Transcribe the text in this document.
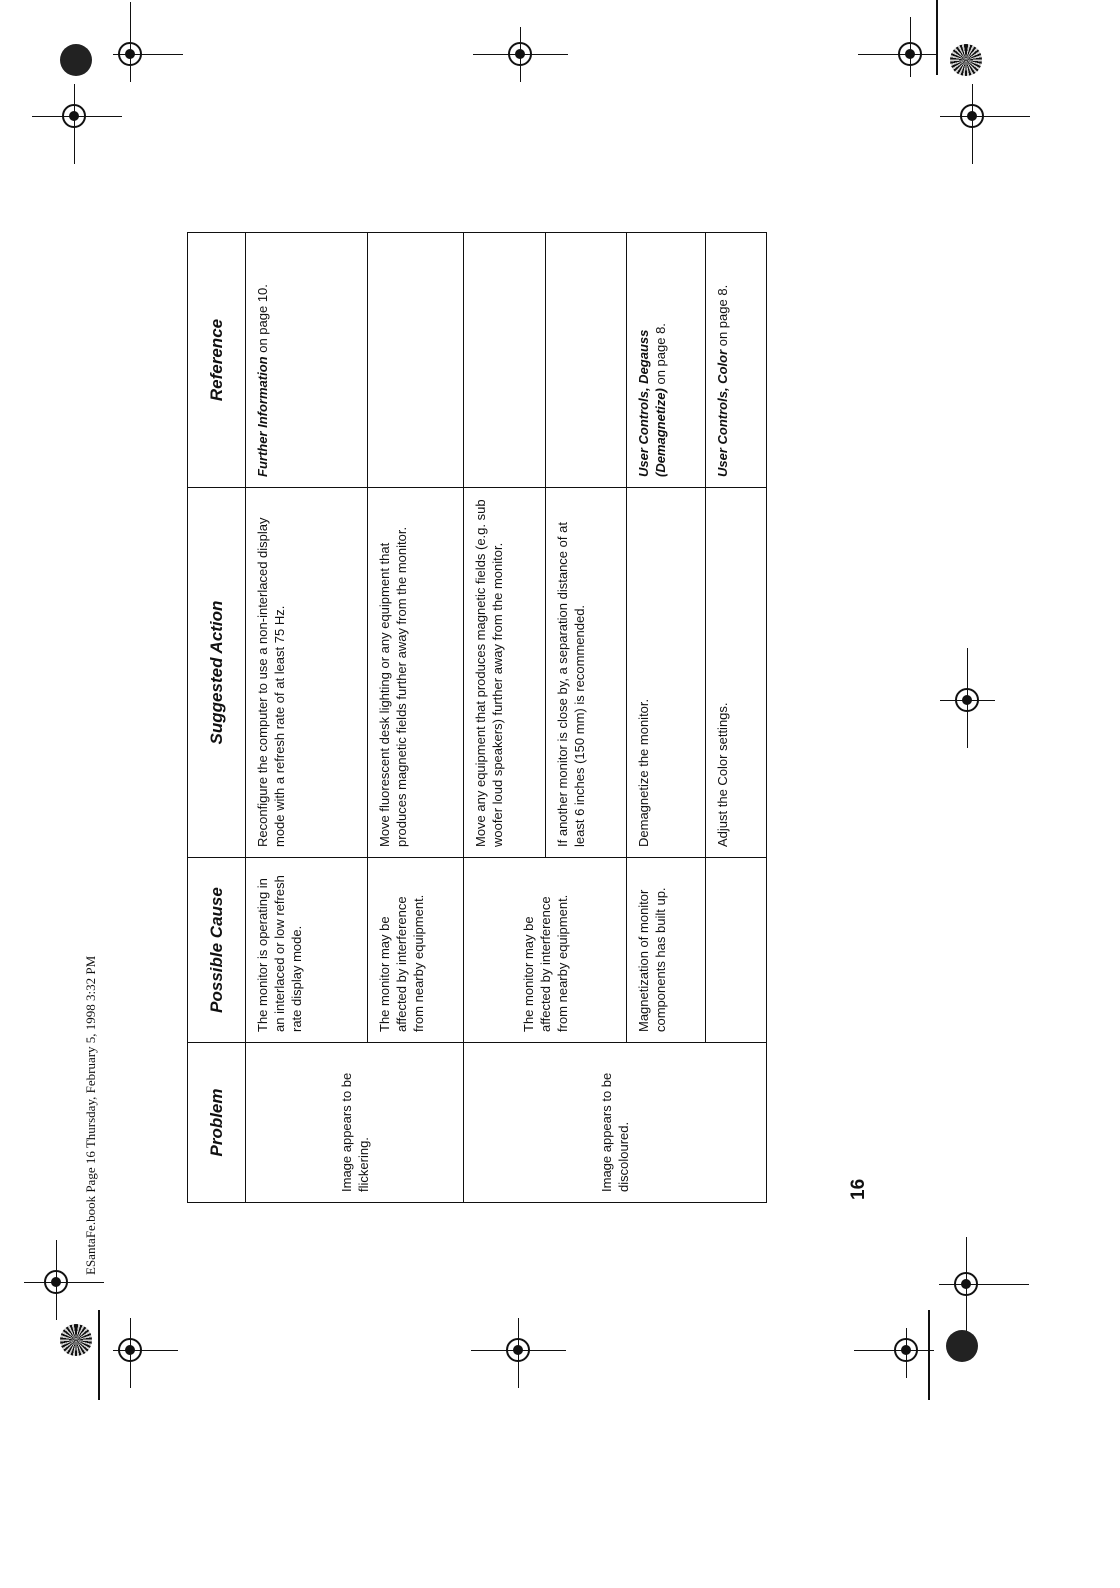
ESantaFe.book Page 16 Thursday, February 5, 1998 3:32 PM	16
Problem	Possible Cause	Suggested Action	Reference
Image appears to be flickering.	The monitor is operating in an interlaced or low refresh rate display mode.	Reconfigure the computer to use a non-interlaced display mode with a refresh rate of at least 75 Hz.	Further Information on page 10.
	The monitor may be affected by interference from nearby equipment.	Move fluorescent desk lighting or any equipment that produces magnetic fields further away from the monitor.	
Image appears to be discoloured.	The monitor may be affected by interference from nearby equipment.	Move any equipment that produces magnetic fields (e.g. sub woofer loud speakers) further away from the monitor.	
		If another monitor is close by, a separation distance of at least 6 inches (150 mm) is recommended.	
	Magnetization of monitor components has built up.	Demagnetize the monitor.	User Controls, Degauss (Demagnetize) on page 8.
		Adjust the Color settings.	User Controls, Color on page 8.
